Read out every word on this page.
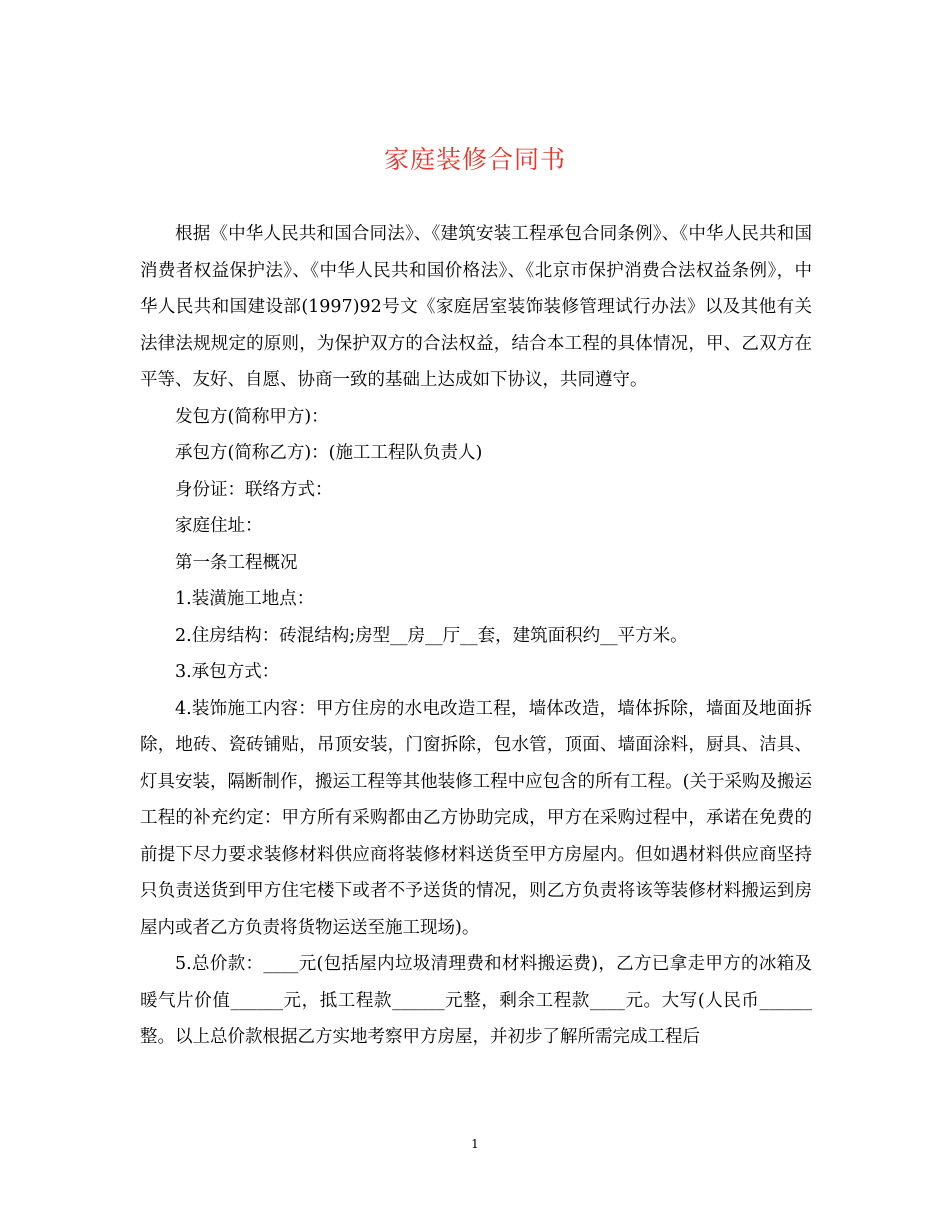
家庭装修合同书

根据《中华人民共和国合同法》、《建筑安装工程承包合同条例》、《中华人民共和国消费者权益保护法》、《中华人民共和国价格法》、《北京市保护消费合法权益条例》，中华人民共和国建设部(1997)92号文《家庭居室装饰装修管理试行办法》以及其他有关法律法规规定的原则，为保护双方的合法权益，结合本工程的具体情况，甲、乙双方在平等、友好、自愿、协商一致的基础上达成如下协议，共同遵守。

发包方(简称甲方)：

承包方(简称乙方)：(施工工程队负责人)

身份证：联络方式：

家庭住址：

第一条工程概况

1.装潢施工地点：

2.住房结构：砖混结构;房型__房__厅__套，建筑面积约__平方米。

3.承包方式：

4.装饰施工内容：甲方住房的水电改造工程，墙体改造，墙体拆除，墙面及地面拆除，地砖、瓷砖铺贴，吊顶安装，门窗拆除，包水管，顶面、墙面涂料，厨具、洁具、灯具安装，隔断制作，搬运工程等其他装修工程中应包含的所有工程。(关于采购及搬运工程的补充约定：甲方所有采购都由乙方协助完成，甲方在采购过程中，承诺在免费的前提下尽力要求装修材料供应商将装修材料送货至甲方房屋内。但如遇材料供应商坚持只负责送货到甲方住宅楼下或者不予送货的情况，则乙方负责将该等装修材料搬运到房屋内或者乙方负责将货物运送至施工现场)。

5.总价款：____元(包括屋内垃圾清理费和材料搬运费)，乙方已拿走甲方的冰箱及暖气片价值______元，抵工程款______元整，剩余工程款____元。大写(人民币______整。以上总价款根据乙方实地考察甲方房屋，并初步了解所需完成工程后

1
